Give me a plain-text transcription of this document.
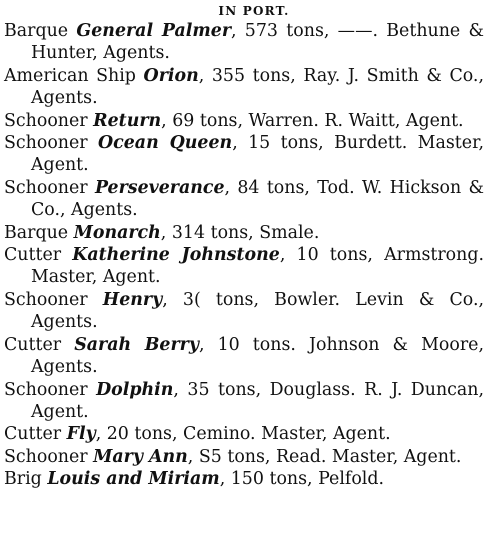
IN PORT.

Barque General Palmer, 573 tons, ——. Bethune & Hunter, Agents.

American Ship Orion, 355 tons, Ray. J. Smith & Co., Agents.

Schooner Return, 69 tons, Warren. R. Waitt, Agent.

Schooner Ocean Queen, 15 tons, Burdett. Master, Agent.

Schooner Perseverance, 84 tons, Tod. W. Hickson & Co., Agents.

Barque Monarch, 314 tons, Smale.

Cutter Katherine Johnstone, 10 tons, Armstrong. Master, Agent.

Schooner Henry, 3( tons, Bowler. Levin & Co., Agents.

Cutter Sarah Berry, 10 tons. Johnson & Moore, Agents.

Schooner Dolphin, 35 tons, Douglass. R. J. Duncan, Agent.

Cutter Fly, 20 tons, Cemino. Master, Agent.

Schooner Mary Ann, S5 tons, Read. Master, Agent.

Brig Louis and Miriam, 150 tons, Pelfold.
